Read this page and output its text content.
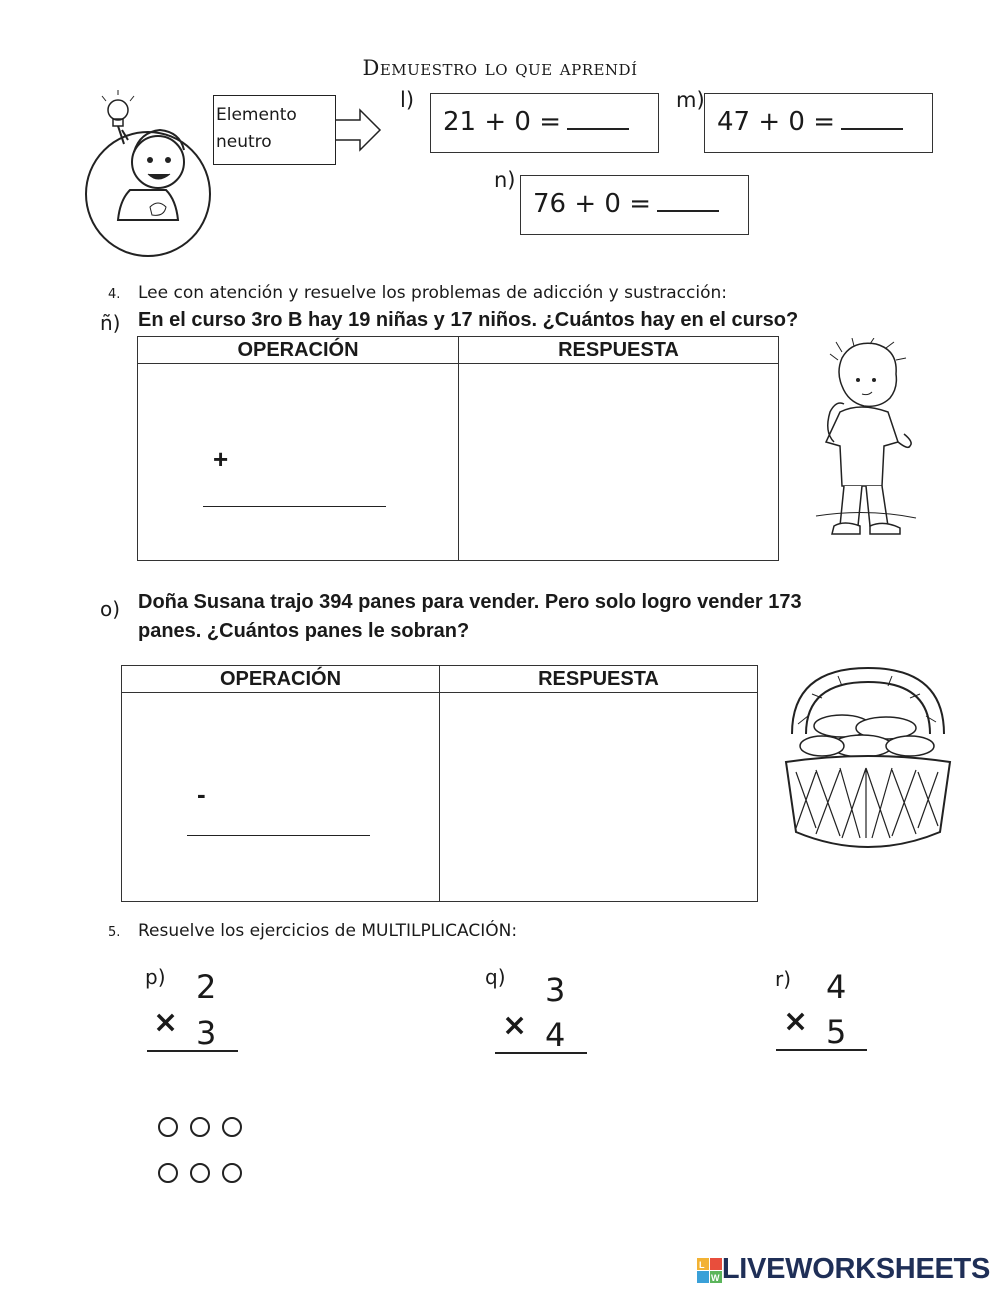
Demuestro lo que aprendí
Elemento
neutro
l)
21 + 0 =
m)
47 + 0 =
n)
76 + 0 =
4. Lee con atención y resuelve los problemas de adicción y sustracción:
ñ) En el curso 3ro B hay 19 niñas y 17 niños. ¿Cuántos hay en el curso?
OPERACIÓN	RESPUESTA

+	

o) Doña Susana trajo 394 panes para vender. Pero solo logro vender 173
panes. ¿Cuántos panes le sobran?
OPERACIÓN	RESPUESTA

-	

5. Resuelve los ejercicios de MULTILPLICACIÓN:
p) 2
× 3
q) 3
× 4
r) 4
× 5
L
W LIVEWORKSHEETS
